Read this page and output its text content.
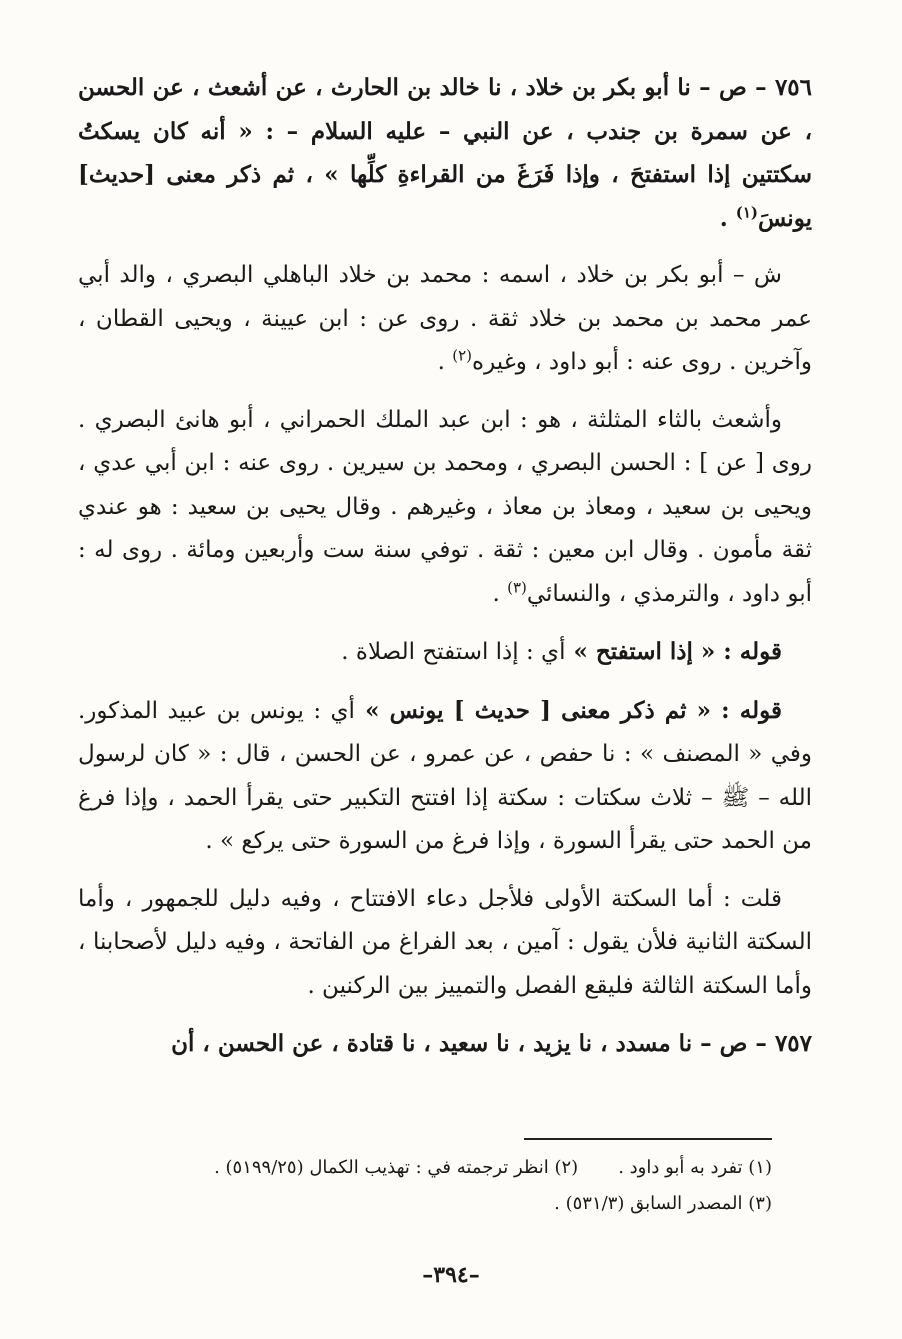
٧٥٦ – ص – نا أبو بكر بن خلاد ، نا خالد بن الحارث ، عن أشعث ، عن الحسن ، عن سمرة بن جندب ، عن النبي – عليه السلام – : « أنه كان يسكتُ سكتتين إذا استفتحَ ، وإذا فَرَغَ من القراءةِ كلِّها » ، ثم ذكر معنى [حديث] يونسَ$^{(١)}$ .

ش – أبو بكر بن خلاد ، اسمه : محمد بن خلاد الباهلي البصري ، والد أبي عمر محمد بن محمد بن خلاد ثقة . روى عن : ابن عيينة ، ويحيى القطان ، وآخرين . روى عنه : أبو داود ، وغيره$^{(٢)}$ .

وأشعث بالثاء المثلثة ، هو : ابن عبد الملك الحمراني ، أبو هانئ البصري . روى [ عن ] : الحسن البصري ، ومحمد بن سيرين . روى عنه : ابن أبي عدي ، ويحيى بن سعيد ، ومعاذ بن معاذ ، وغيرهم . وقال يحيى بن سعيد : هو عندي ثقة مأمون . وقال ابن معين : ثقة . توفي سنة ست وأربعين ومائة . روى له : أبو داود ، والترمذي ، والنسائي$^{(٣)}$ .

قوله : « إذا استفتح » أي : إذا استفتح الصلاة .

قوله : « ثم ذكر معنى [ حديث ] يونس » أي : يونس بن عبيد المذكور. وفي « المصنف » : نا حفص ، عن عمرو ، عن الحسن ، قال : « كان لرسول الله – ﷺ – ثلاث سكتات : سكتة إذا افتتح التكبير حتى يقرأ الحمد ، وإذا فرغ من الحمد حتى يقرأ السورة ، وإذا فرغ من السورة حتى يركع » .

قلت : أما السكتة الأولى فلأجل دعاء الافتتاح ، وفيه دليل للجمهور ، وأما السكتة الثانية فلأن يقول : آمين ، بعد الفراغ من الفاتحة ، وفيه دليل لأصحابنا ، وأما السكتة الثالثة فليقع الفصل والتمييز بين الركنين .

٧٥٧ – ص – نا مسدد ، نا يزيد ، نا سعيد ، نا قتادة ، عن الحسن ، أن

(١) تفرد به أبو داود .(٢) انظر ترجمته في : تهذيب الكمال (٥١٩٩/٢٥) .

(٣) المصدر السابق (٥٣١/٣) .

–٣٩٤–
